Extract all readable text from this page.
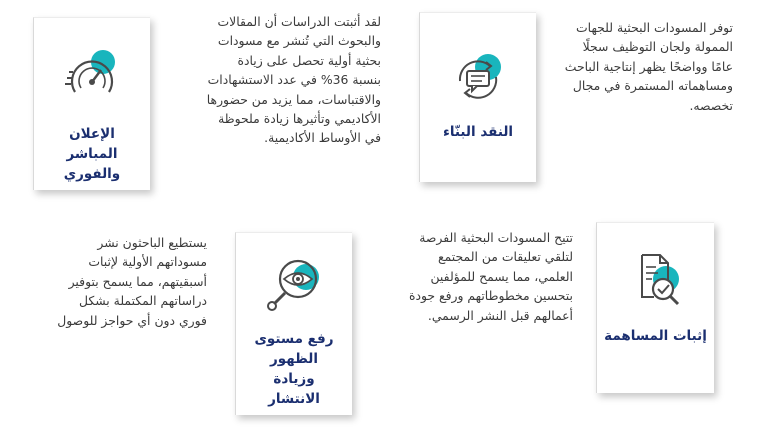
النقد البنّاء
الإعلان المباشر والفوري
إثبات المساهمة
رفع مستوى الظهور وزيادة الانتشار
توفر المسودات البحثية للجهات الممولة ولجان التوظيف سجلًا عامًا وواضحًا يظهر إنتاجية الباحث ومساهماته المستمرة في مجال تخصصه.
لقد أثبتت الدراسات أن المقالات والبحوث التي تُنشر مع مسودات بحثية أولية تحصل على زيادة بنسبة 36% في عدد الاستشهادات والاقتباسات، مما يزيد من حضورها الأكاديمي وتأثيرها زيادة ملحوظة في الأوساط الأكاديمية.
تتيح المسودات البحثية الفرصة لتلقي تعليقات من المجتمع العلمي، مما يسمح للمؤلفين بتحسين مخطوطاتهم ورفع جودة أعمالهم قبل النشر الرسمي.
يستطيع الباحثون نشر مسوداتهم الأولية لإثبات أسبقيتهم، مما يسمح بتوفير دراساتهم المكتملة بشكل فوري دون أي حواجز للوصول
